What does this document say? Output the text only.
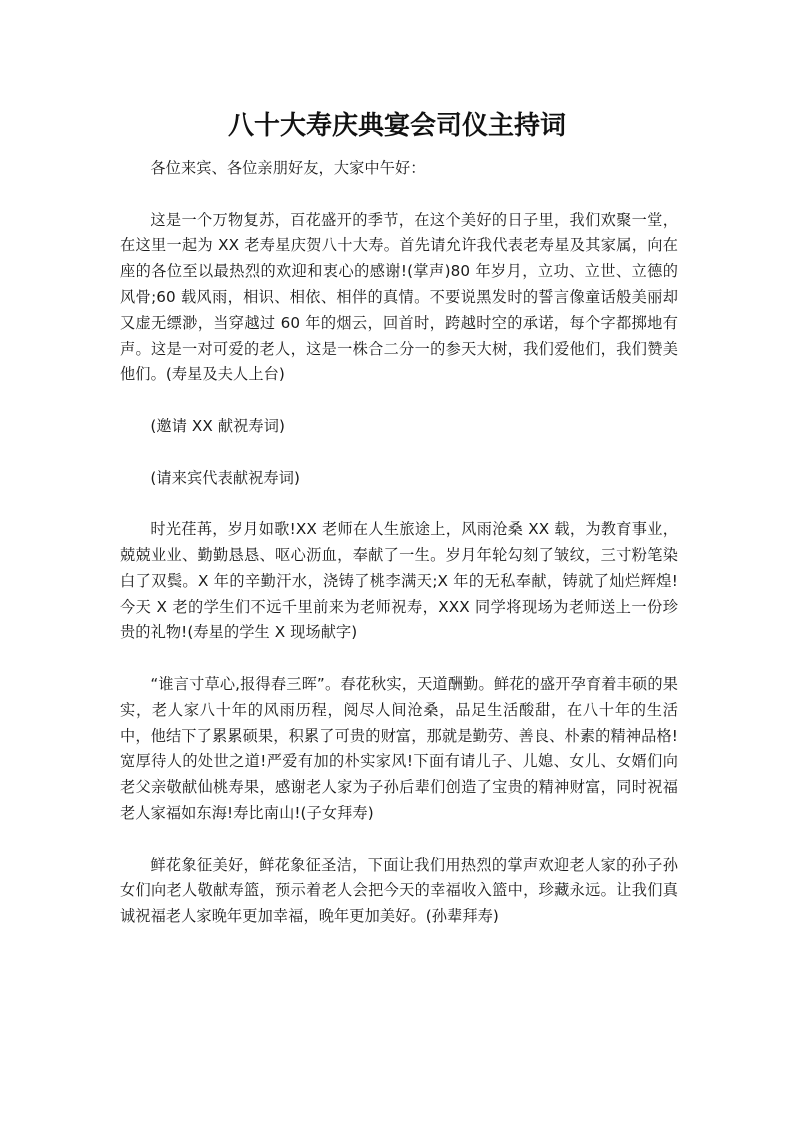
八十大寿庆典宴会司仪主持词

各位来宾、各位亲朋好友，大家中午好：

这是一个万物复苏，百花盛开的季节，在这个美好的日子里，我们欢聚一堂，在这里一起为 XX 老寿星庆贺八十大寿。首先请允许我代表老寿星及其家属，向在座的各位至以最热烈的欢迎和衷心的感谢!(掌声)80 年岁月，立功、立世、立德的风骨;60 载风雨，相识、相依、相伴的真情。不要说黑发时的誓言像童话般美丽却又虚无缥渺，当穿越过 60 年的烟云，回首时，跨越时空的承诺，每个字都掷地有声。这是一对可爱的老人，这是一株合二分一的参天大树，我们爱他们，我们赞美他们。(寿星及夫人上台)

(邀请 XX 献祝寿词)

(请来宾代表献祝寿词)

时光荏苒，岁月如歌!XX 老师在人生旅途上，风雨沧桑 XX 载，为教育事业，兢兢业业、勤勤恳恳、呕心沥血，奉献了一生。岁月年轮勾刻了皱纹，三寸粉笔染白了双鬓。X 年的辛勤汗水，浇铸了桃李满天;X 年的无私奉献，铸就了灿烂辉煌!今天 X 老的学生们不远千里前来为老师祝寿，XXX 同学将现场为老师送上一份珍贵的礼物!(寿星的学生 X 现场献字)

“谁言寸草心,报得春三晖”。春花秋实，天道酬勤。鲜花的盛开孕育着丰硕的果实，老人家八十年的风雨历程，阅尽人间沧桑，品足生活酸甜，在八十年的生活中，他结下了累累硕果，积累了可贵的财富，那就是勤劳、善良、朴素的精神品格!宽厚待人的处世之道!严爱有加的朴实家风!下面有请儿子、儿媳、女儿、女婿们向老父亲敬献仙桃寿果，感谢老人家为子孙后辈们创造了宝贵的精神财富，同时祝福老人家福如东海!寿比南山!(子女拜寿)

鲜花象征美好，鲜花象征圣洁，下面让我们用热烈的掌声欢迎老人家的孙子孙女们向老人敬献寿篮，预示着老人会把今天的幸福收入篮中，珍藏永远。让我们真诚祝福老人家晚年更加幸福，晚年更加美好。(孙辈拜寿)
